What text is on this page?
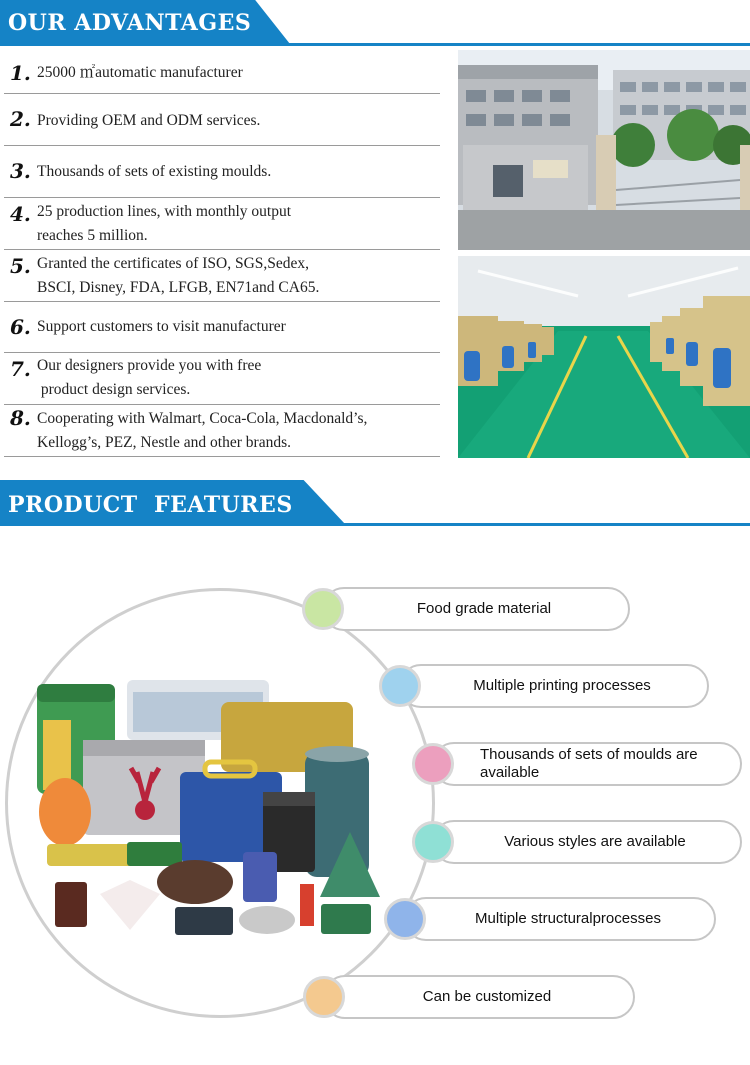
OUR ADVANTAGES
1. 25000 ㎡automatic manufacturer
2. Providing OEM and ODM services.
3. Thousands of sets of existing moulds.
4. 25 production lines, with monthly output
reaches 5 million.
5. Granted the certificates of ISO, SGS,Sedex,
BSCI, Disney, FDA, LFGB, EN71and CA65.
6. Support customers to visit manufacturer
7. Our designers provide you with free
product design services.
8. Cooperating with Walmart, Coca-Cola, Macdonald’s,
Kellogg’s, PEZ, Nestle and other brands.
PRODUCT  FEATURES
Food grade material
Multiple printing processes
Thousands of sets of moulds are
available
Various styles are available
Multiple structuralprocesses
Can be customized
